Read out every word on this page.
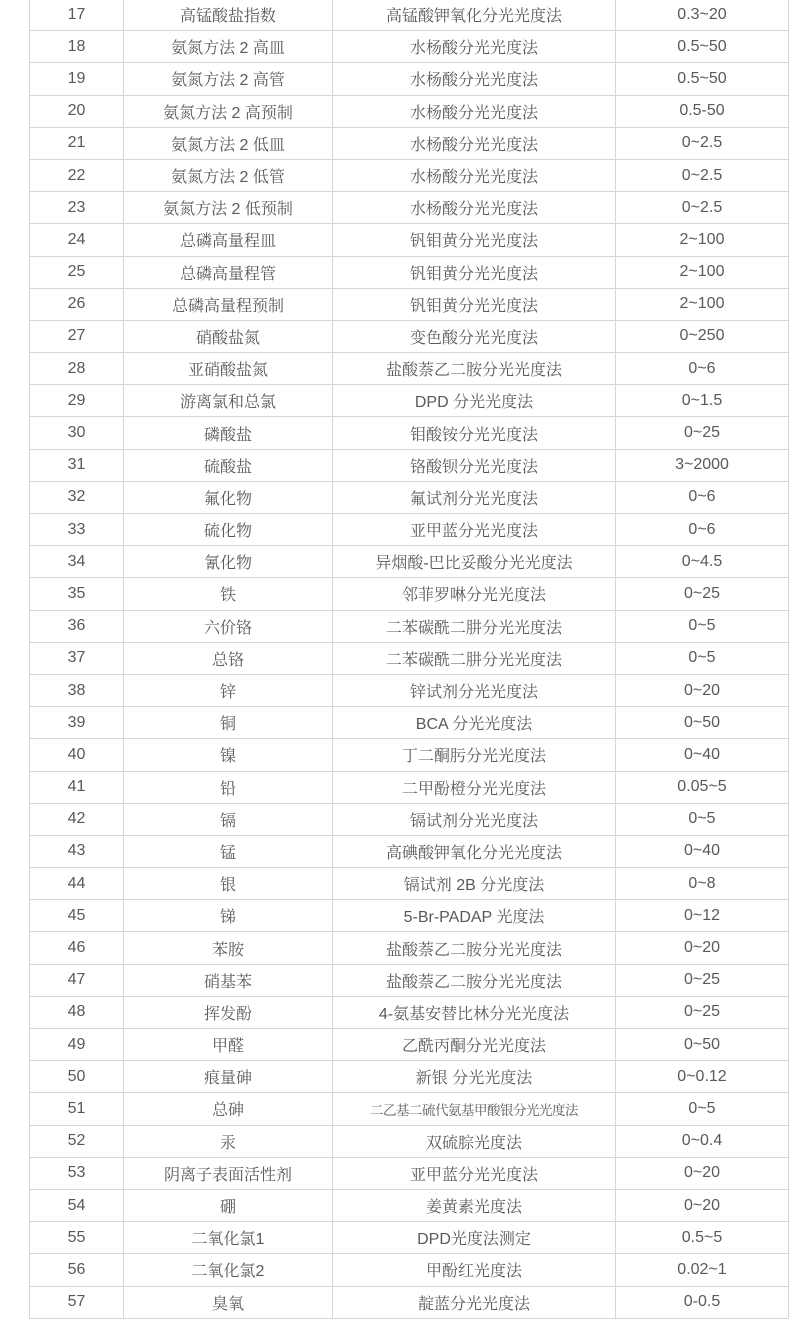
17	高锰酸盐指数	高锰酸钾氧化分光光度法	0.3~20
18	氨氮方法 2 高皿	水杨酸分光光度法	0.5~50
19	氨氮方法 2 高管	水杨酸分光光度法	0.5~50
20	氨氮方法 2 高预制	水杨酸分光光度法	0.5-50
21	氨氮方法 2 低皿	水杨酸分光光度法	0~2.5
22	氨氮方法 2 低管	水杨酸分光光度法	0~2.5
23	氨氮方法 2 低预制	水杨酸分光光度法	0~2.5
24	总磷高量程皿	钒钼黄分光光度法	2~100
25	总磷高量程管	钒钼黄分光光度法	2~100
26	总磷高量程预制	钒钼黄分光光度法	2~100
27	硝酸盐氮	变色酸分光光度法	0~250
28	亚硝酸盐氮	盐酸萘乙二胺分光光度法	0~6
29	游离氯和总氯	DPD 分光光度法	0~1.5
30	磷酸盐	钼酸铵分光光度法	0~25
31	硫酸盐	铬酸钡分光光度法	3~2000
32	氟化物	氟试剂分光光度法	0~6
33	硫化物	亚甲蓝分光光度法	0~6
34	氰化物	异烟酸-巴比妥酸分光光度法	0~4.5
35	铁	邻菲罗啉分光光度法	0~25
36	六价铬	二苯碳酰二肼分光光度法	0~5
37	总铬	二苯碳酰二肼分光光度法	0~5
38	锌	锌试剂分光光度法	0~20
39	铜	BCA 分光光度法	0~50
40	镍	丁二酮肟分光光度法	0~40
41	铅	二甲酚橙分光光度法	0.05~5
42	镉	镉试剂分光光度法	0~5
43	锰	高碘酸钾氧化分光光度法	0~40
44	银	镉试剂 2B 分光度法	0~8
45	锑	5-Br-PADAP 光度法	0~12
46	苯胺	盐酸萘乙二胺分光光度法	0~20
47	硝基苯	盐酸萘乙二胺分光光度法	0~25
48	挥发酚	4-氨基安替比林分光光度法	0~25
49	甲醛	乙酰丙酮分光光度法	0~50
50	痕量砷	新银 分光光度法	0~0.12
51	总砷	二乙基二硫代氨基甲酸银分光光度法	0~5
52	汞	双硫腙光度法	0~0.4
53	阴离子表面活性剂	亚甲蓝分光光度法	0~20
54	硼	姜黄素光度法	0~20
55	二氧化氯1	DPD光度法测定	0.5~5
56	二氧化氯2	甲酚红光度法	0.02~1
57	臭氧	靛蓝分光光度法	0-0.5
